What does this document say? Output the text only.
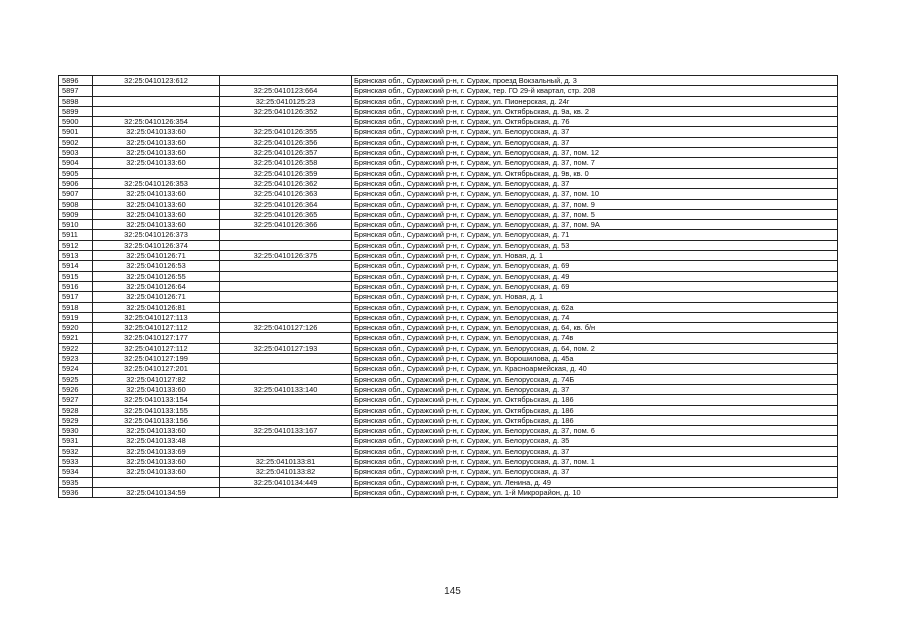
5896	32:25:0410123:612		Брянская обл., Суражский р-н, г. Сураж, проезд Вокзальный, д. 3
5897		32:25:0410123:664	Брянская обл., Суражский р-н, г. Сураж, тер. ГО 29-й квартал, стр. 208
5898		32:25:0410125:23	Брянская обл., Суражский р-н, г. Сураж, ул. Пионерская, д. 24г
5899		32:25:0410126:352	Брянская обл., Суражский р-н, г. Сураж, ул. Октябрьская, д. 9а, кв. 2
5900	32:25:0410126:354		Брянская обл., Суражский р-н, г. Сураж, ул. Октябрьская, д. 76
5901	32:25:0410133:60	32:25:0410126:355	Брянская обл., Суражский р-н, г. Сураж, ул. Белорусская, д. 37
5902	32:25:0410133:60	32:25:0410126:356	Брянская обл., Суражский р-н, г. Сураж, ул. Белорусская, д. 37
5903	32:25:0410133:60	32:25:0410126:357	Брянская обл., Суражский р-н, г. Сураж, ул. Белорусская, д. 37, пом. 12
5904	32:25:0410133:60	32:25:0410126:358	Брянская обл., Суражский р-н, г. Сураж, ул. Белорусская, д. 37, пом. 7
5905		32:25:0410126:359	Брянская обл., Суражский р-н, г. Сураж, ул. Октябрьская, д. 9в, кв. 0
5906	32:25:0410126:353	32:25:0410126:362	Брянская обл., Суражский р-н, г. Сураж, ул. Белорусская, д. 37
5907	32:25:0410133:60	32:25:0410126:363	Брянская обл., Суражский р-н, г. Сураж, ул. Белорусская, д. 37, пом. 10
5908	32:25:0410133:60	32:25:0410126:364	Брянская обл., Суражский р-н, г. Сураж, ул. Белорусская, д. 37, пом. 9
5909	32:25:0410133:60	32:25:0410126:365	Брянская обл., Суражский р-н, г. Сураж, ул. Белорусская, д. 37, пом. 5
5910	32:25:0410133:60	32:25:0410126:366	Брянская обл., Суражский р-н, г. Сураж, ул. Белорусская, д. 37, пом. 9А
5911	32:25:0410126:373		Брянская обл., Суражский р-н, г. Сураж, ул. Белорусская, д. 71
5912	32:25:0410126:374		Брянская обл., Суражский р-н, г. Сураж, ул. Белорусская, д. 53
5913	32:25:0410126:71	32:25:0410126:375	Брянская обл., Суражский р-н, г. Сураж, ул. Новая, д. 1
5914	32:25:0410126:53		Брянская обл., Суражский р-н, г. Сураж, ул. Белорусская, д. 69
5915	32:25:0410126:55		Брянская обл., Суражский р-н, г. Сураж, ул. Белорусская, д. 49
5916	32:25:0410126:64		Брянская обл., Суражский р-н, г. Сураж, ул. Белорусская, д. 69
5917	32:25:0410126:71		Брянская обл., Суражский р-н, г. Сураж, ул. Новая, д. 1
5918	32:25:0410126:81		Брянская обл., Суражский р-н, г. Сураж, ул. Белорусская, д. 62а
5919	32:25:0410127:113		Брянская обл., Суражский р-н, г. Сураж, ул. Белорусская, д. 74
5920	32:25:0410127:112	32:25:0410127:126	Брянская обл., Суражский р-н, г. Сураж, ул. Белорусская, д. 64, кв. б/н
5921	32:25:0410127:177		Брянская обл., Суражский р-н, г. Сураж, ул. Белорусская, д. 74в
5922	32:25:0410127:112	32:25:0410127:193	Брянская обл., Суражский р-н, г. Сураж, ул. Белорусская, д. 64, пом. 2
5923	32:25:0410127:199		Брянская обл., Суражский р-н, г. Сураж, ул. Ворошилова, д. 45а
5924	32:25:0410127:201		Брянская обл., Суражский р-н, г. Сураж, ул. Красноармейская, д. 40
5925	32:25:0410127:82		Брянская обл., Суражский р-н, г. Сураж, ул. Белорусская, д. 74Б
5926	32:25:0410133:60	32:25:0410133:140	Брянская обл., Суражский р-н, г. Сураж, ул. Белорусская, д. 37
5927	32:25:0410133:154		Брянская обл., Суражский р-н, г. Сураж, ул. Октябрьская, д. 186
5928	32:25:0410133:155		Брянская обл., Суражский р-н, г. Сураж, ул. Октябрьская, д. 186
5929	32:25:0410133:156		Брянская обл., Суражский р-н, г. Сураж, ул. Октябрьская, д. 186
5930	32:25:0410133:60	32:25:0410133:167	Брянская обл., Суражский р-н, г. Сураж, ул. Белорусская, д. 37, пом. 6
5931	32:25:0410133:48		Брянская обл., Суражский р-н, г. Сураж, ул. Белорусская, д. 35
5932	32:25:0410133:69		Брянская обл., Суражский р-н, г. Сураж, ул. Белорусская, д. 37
5933	32:25:0410133:60	32:25:0410133:81	Брянская обл., Суражский р-н, г. Сураж, ул. Белорусская, д. 37, пом. 1
5934	32:25:0410133:60	32:25:0410133:82	Брянская обл., Суражский р-н, г. Сураж, ул. Белорусская, д. 37
5935		32:25:0410134:449	Брянская обл., Суражский р-н, г. Сураж, ул. Ленина, д. 49
5936	32:25:0410134:59		Брянская обл., Суражский р-н, г. Сураж, ул. 1-й Микрорайон, д. 10
145
